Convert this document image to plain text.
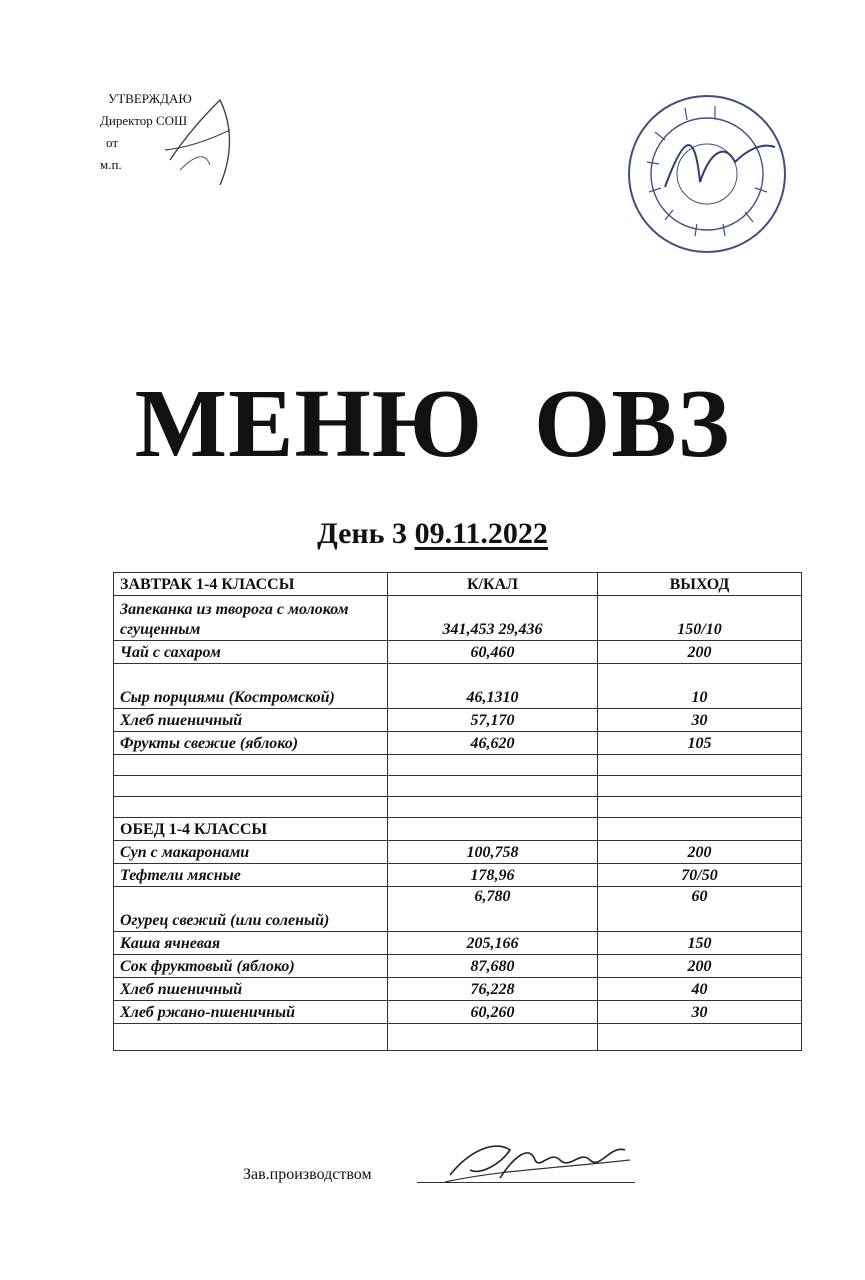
УТВЕРЖДАЮ
Директор СОШ
от
м.п.
МЕНЮ  ОВЗ
День 3 09.11.2022
ЗАВТРАК 1-4 КЛАССЫ	К/КАЛ	ВЫХОД
Запеканка из творога с молоком сгущенным	341,453 29,436	150/10
Чай с сахаром	60,460	200
Сыр порциями (Костромской)	46,1310	10
Хлеб пшеничный	57,170	30
Фрукты свежие (яблоко)	46,620	105

ОБЕД 1-4 КЛАССЫ		
Суп с макаронами	100,758	200
Тефтели мясные	178,96	70/50
Огурец свежий (или соленый)	6,780	60
Каша ячневая	205,166	150
Сок фруктовый (яблоко)	87,680	200
Хлеб пшеничный	76,228	40
Хлеб ржано-пшеничный	60,260	30

Зав.производством
